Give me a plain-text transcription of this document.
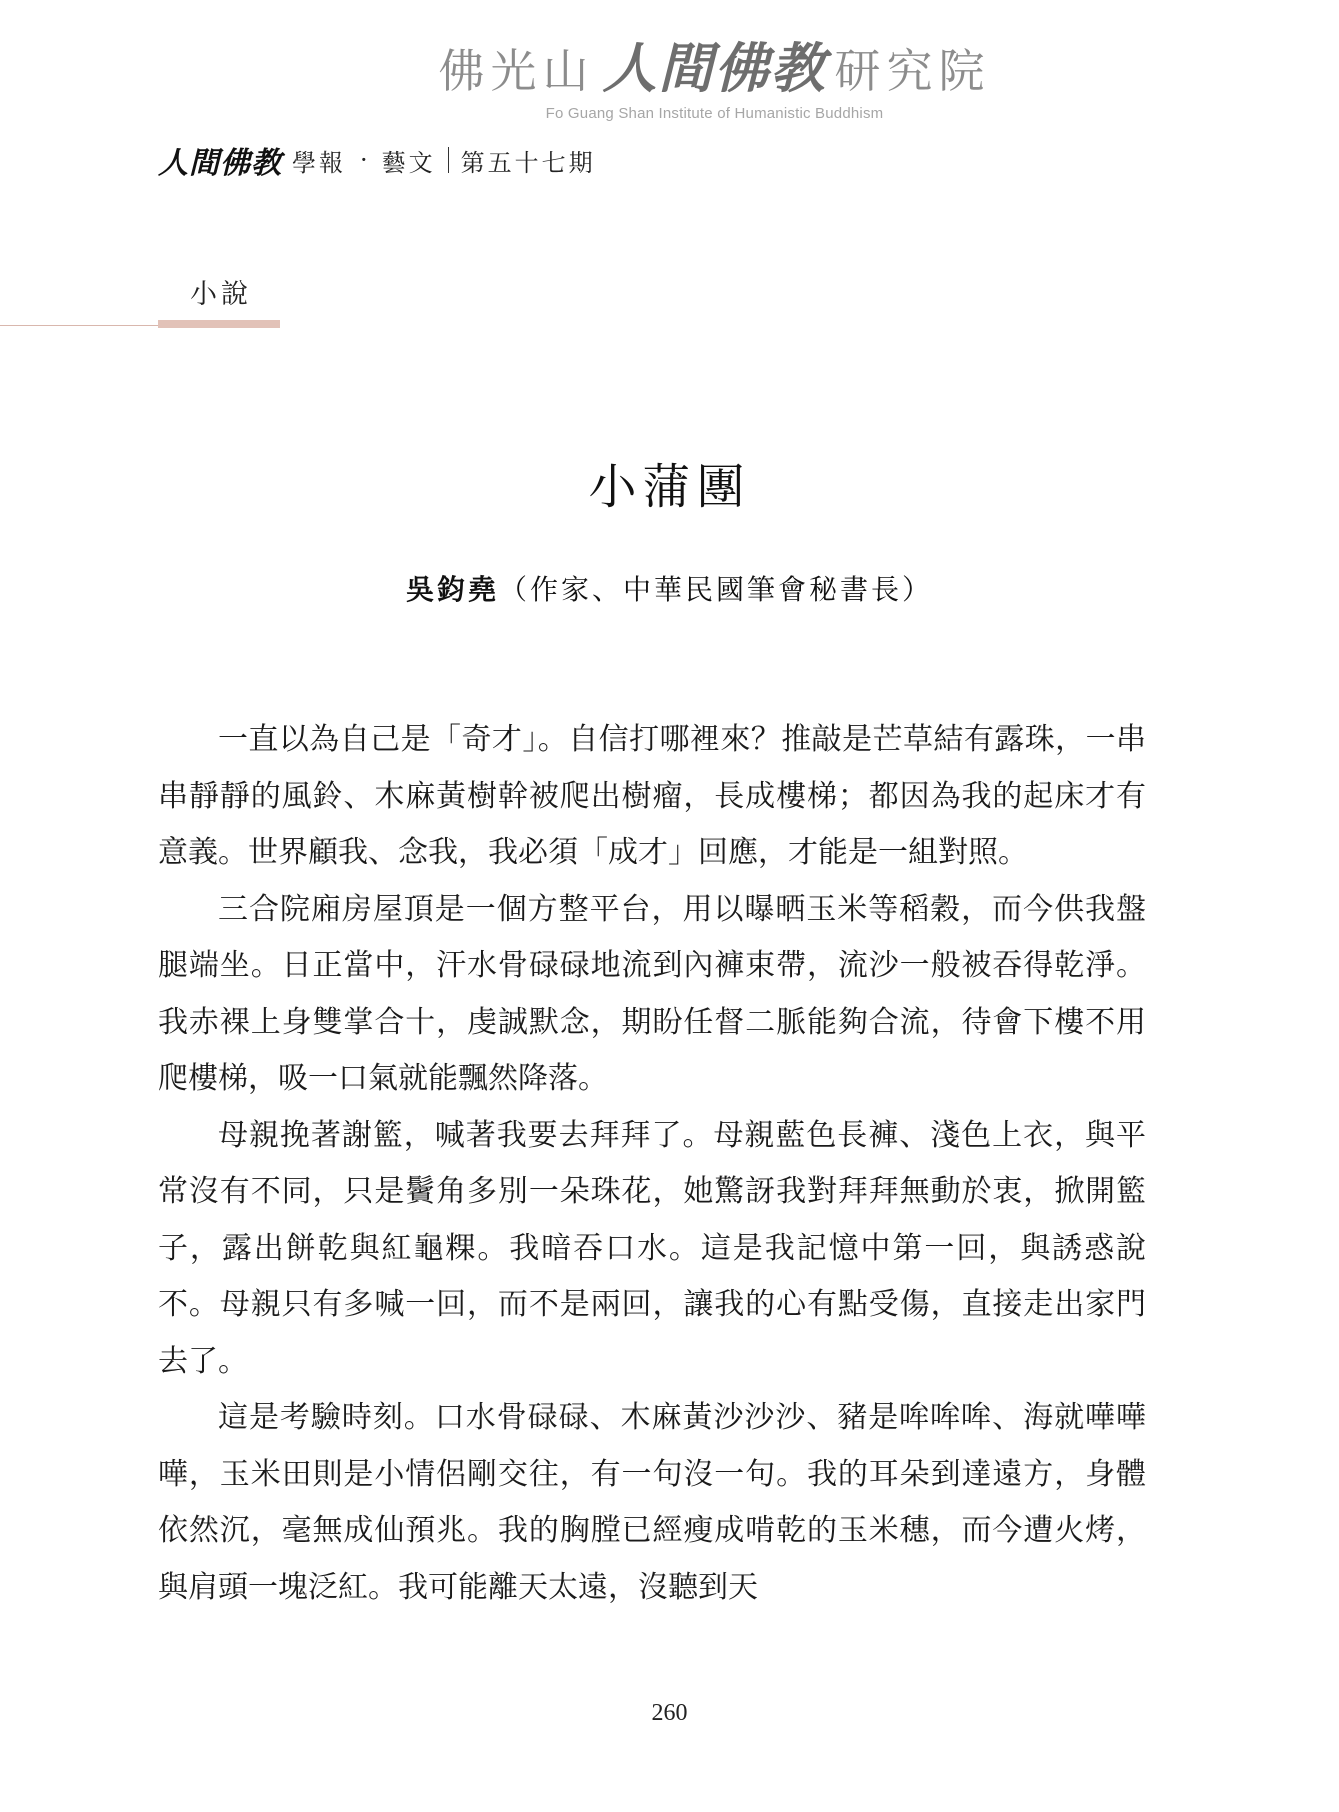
佛光山 人間佛教 研究院
Fo Guang Shan Institute of Humanistic Buddhism
人間佛教 學報 · 藝文 第五十七期
小說
小蒲團
吳鈞堯（作家、中華民國筆會秘書長）

一直以為自己是「奇才」。自信打哪裡來？推敲是芒草結有露珠，一串串靜靜的風鈴、木麻黃樹幹被爬出樹瘤，長成樓梯；都因為我的起床才有意義。世界顧我、念我，我必須「成才」回應，才能是一組對照。

三合院廂房屋頂是一個方整平台，用以曝晒玉米等稻穀，而今供我盤腿端坐。日正當中，汗水骨碌碌地流到內褲束帶，流沙一般被吞得乾淨。我赤裸上身雙掌合十，虔誠默念，期盼任督二脈能夠合流，待會下樓不用爬樓梯，吸一口氣就能飄然降落。

母親挽著謝籃，喊著我要去拜拜了。母親藍色長褲、淺色上衣，與平常沒有不同，只是鬢角多別一朵珠花，她驚訝我對拜拜無動於衷，掀開籃子，露出餅乾與紅龜粿。我暗吞口水。這是我記憶中第一回，與誘惑說不。母親只有多喊一回，而不是兩回，讓我的心有點受傷，直接走出家門去了。

這是考驗時刻。口水骨碌碌、木麻黃沙沙沙、豬是哞哞哞、海就嘩嘩嘩，玉米田則是小情侶剛交往，有一句沒一句。我的耳朵到達遠方，身體依然沉，毫無成仙預兆。我的胸膛已經瘦成啃乾的玉米穗，而今遭火烤，與肩頭一塊泛紅。我可能離天太遠，沒聽到天

260
